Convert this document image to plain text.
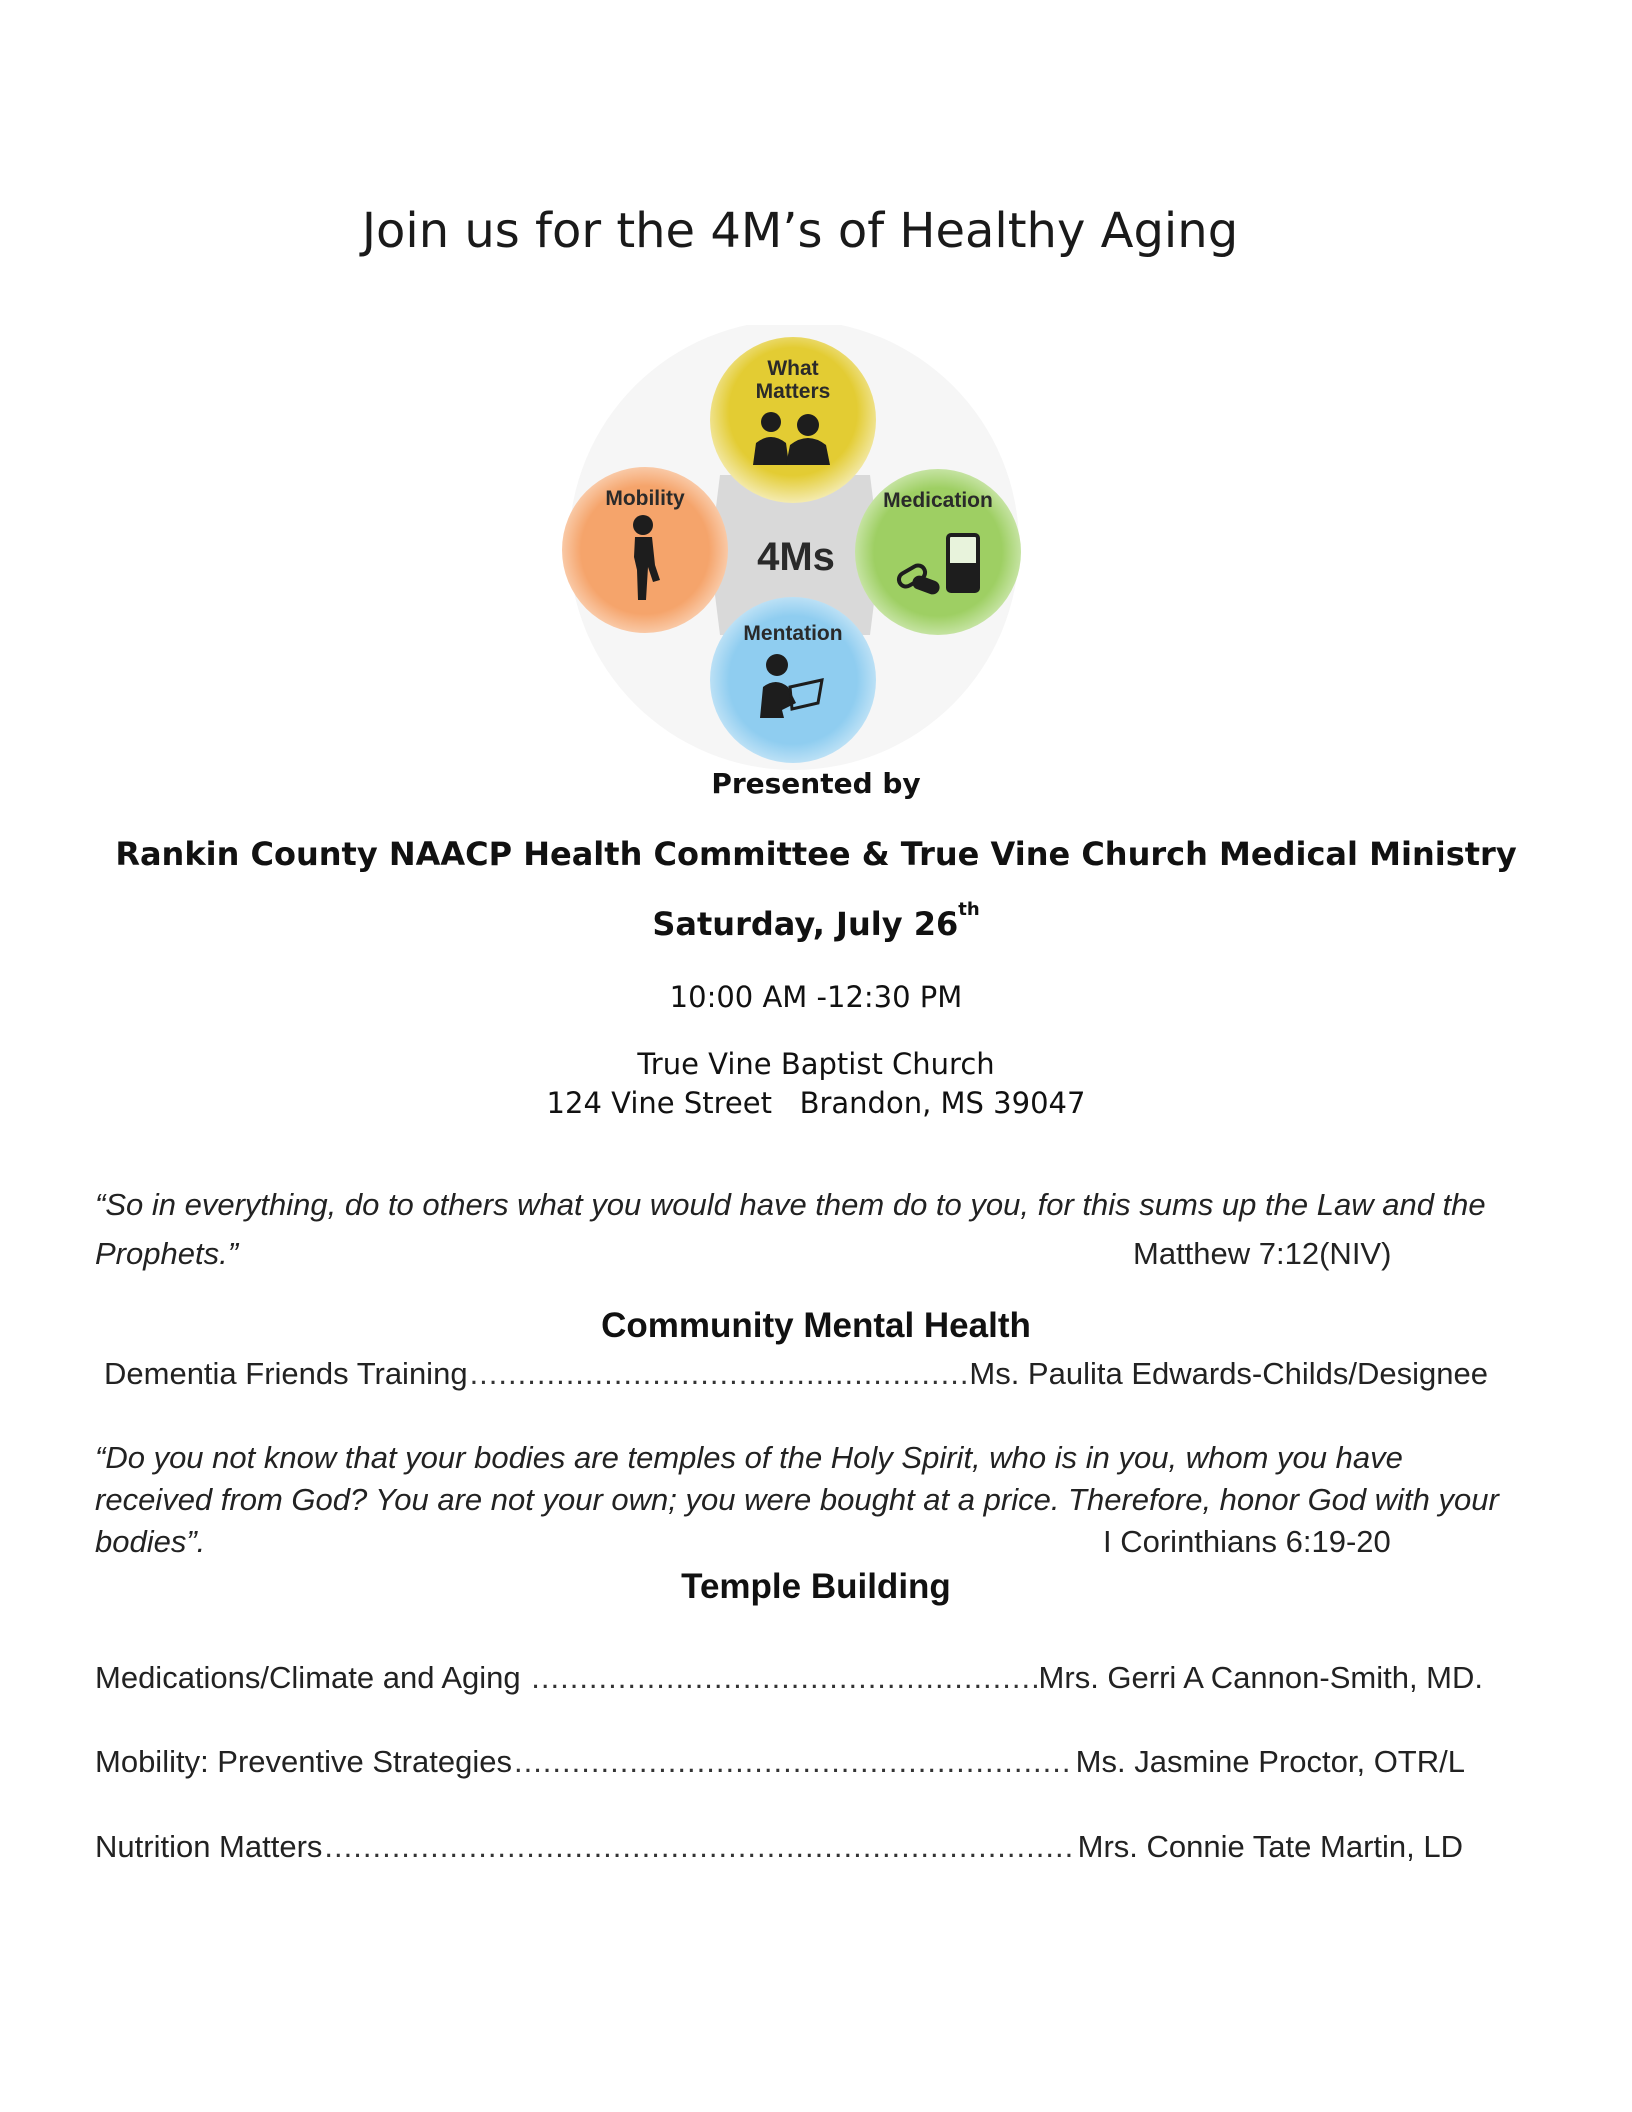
Join us for the 4M’s of Healthy Aging
What
Matters
Mobility	Medication
Mentation
4Ms
Presented by
Rankin County NAACP Health Committee & True Vine Church Medical Ministry
Saturday, July 26th
10:00 AM -12:30 PM
True Vine Baptist Church
124 Vine Street   Brandon, MS 39047
“So in everything, do to others what you would have them do to you, for this sums up the Law and the
Prophets.”	Matthew 7:12(NIV)
Community Mental Health
Dementia Friends Training .....	Ms. Paulita Edwards-Childs/Designee
“Do you not know that your bodies are temples of the Holy Spirit, who is in you, whom you have
received from God? You are not your own; you were bought at a price. Therefore, honor God with your
bodies”.	I Corinthians 6:19-20
Temple Building
Medications/Climate and Aging .....	Mrs. Gerri A Cannon-Smith, MD.
Mobility: Preventive Strategies .....	Ms. Jasmine Proctor, OTR/L
Nutrition Matters .....	Mrs. Connie Tate Martin, LD
